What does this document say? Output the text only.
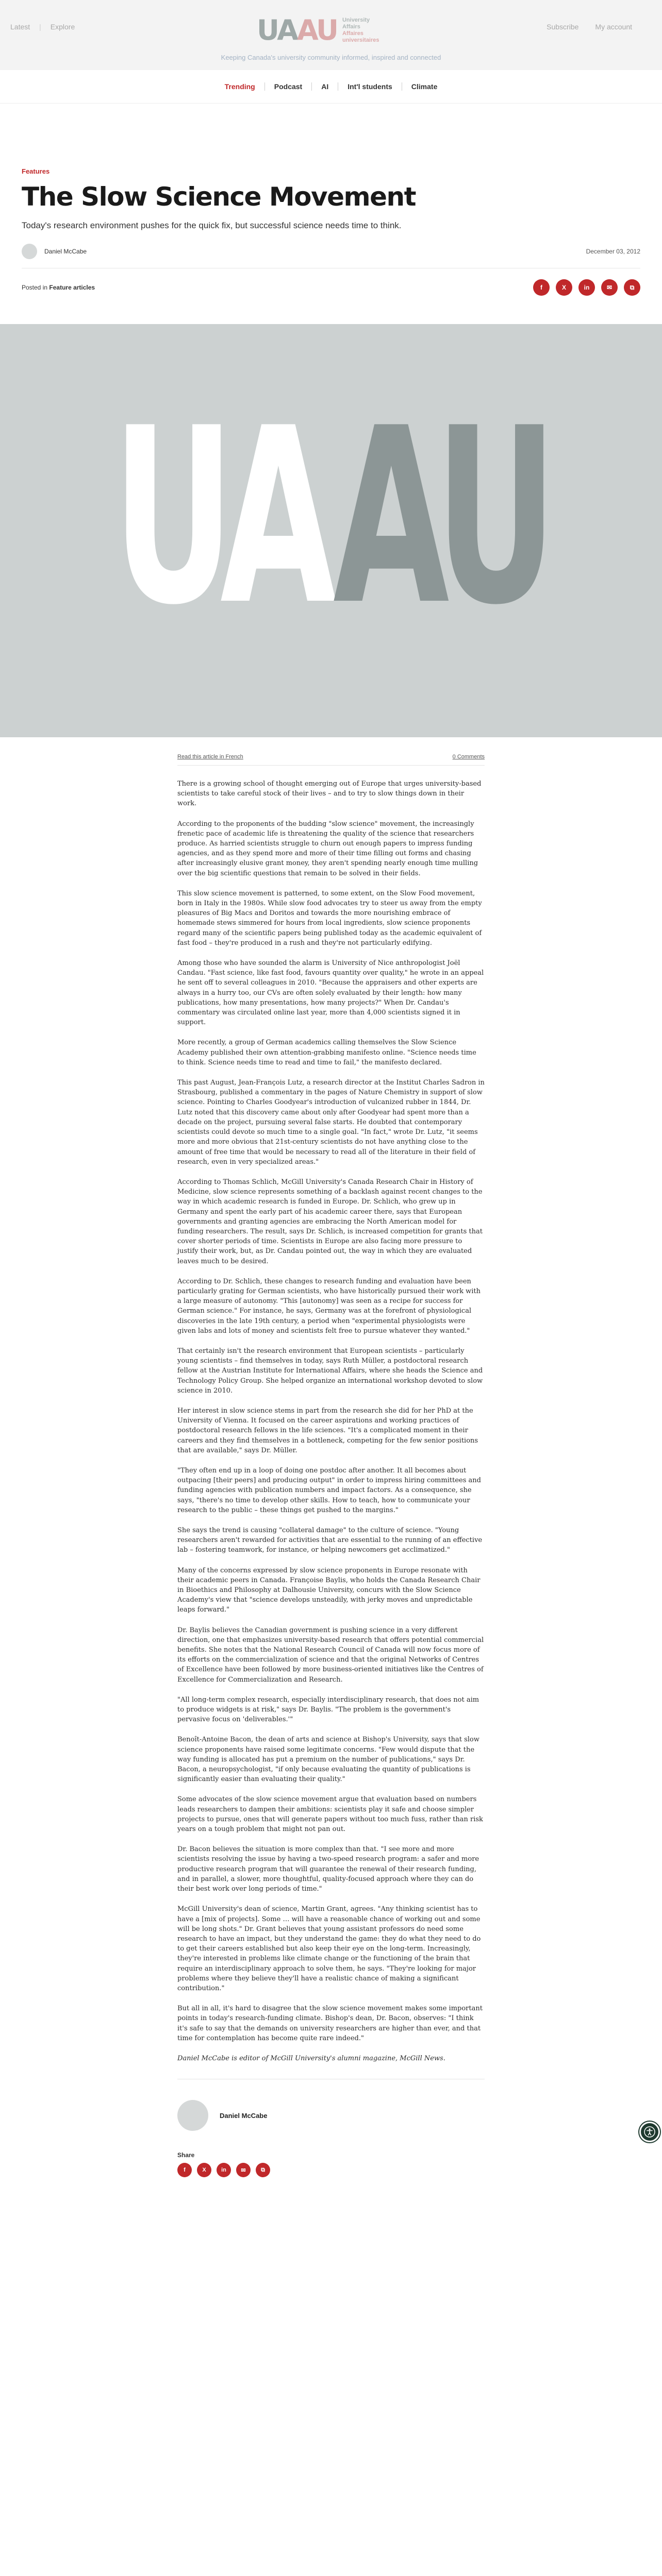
Latest | Explore	UA AU University
Affairs
Affaires
universitaires
Subscribe My account
Keeping Canada's university community informed, inspired and connected
Trending	Podcast	AI	Int'l students	Climate
Features
The Slow Science Movement

Today's research environment pushes for the quick fix, but successful science needs time to think.

Daniel McCabe	December 03, 2012
Posted in Feature articles	f	X	in	✉	⧉
UA AU
Read this article in French	0 Comments

There is a growing school of thought emerging out of Europe that urges university-based scientists to take careful stock of their lives – and to try to slow things down in their work.

According to the proponents of the budding "slow science" movement, the increasingly frenetic pace of academic life is threatening the quality of the science that researchers produce. As harried scientists struggle to churn out enough papers to impress funding agencies, and as they spend more and more of their time filling out forms and chasing after increasingly elusive grant money, they aren't spending nearly enough time mulling over the big scientific questions that remain to be solved in their fields.

This slow science movement is patterned, to some extent, on the Slow Food movement, born in Italy in the 1980s. While slow food advocates try to steer us away from the empty pleasures of Big Macs and Doritos and towards the more nourishing embrace of homemade stews simmered for hours from local ingredients, slow science proponents regard many of the scientific papers being published today as the academic equivalent of fast food – they're produced in a rush and they're not particularly edifying.

Among those who have sounded the alarm is University of Nice anthropologist Joël Candau. "Fast science, like fast food, favours quantity over quality," he wrote in an appeal he sent off to several colleagues in 2010. "Because the appraisers and other experts are always in a hurry too, our CVs are often solely evaluated by their length: how many publications, how many presentations, how many projects?" When Dr. Candau's commentary was circulated online last year, more than 4,000 scientists signed it in support.

More recently, a group of German academics calling themselves the Slow Science Academy published their own attention-grabbing manifesto online. "Science needs time to think. Science needs time to read and time to fail," the manifesto declared.

This past August, Jean-François Lutz, a research director at the Institut Charles Sadron in Strasbourg, published a commentary in the pages of Nature Chemistry in support of slow science. Pointing to Charles Goodyear's introduction of vulcanized rubber in 1844, Dr. Lutz noted that this discovery came about only after Goodyear had spent more than a decade on the project, pursuing several false starts. He doubted that contemporary scientists could devote so much time to a single goal. "In fact," wrote Dr. Lutz, "it seems more and more obvious that 21st-century scientists do not have anything close to the amount of free time that would be necessary to read all of the literature in their field of research, even in very specialized areas."

According to Thomas Schlich, McGill University's Canada Research Chair in History of Medicine, slow science represents something of a backlash against recent changes to the way in which academic research is funded in Europe. Dr. Schlich, who grew up in Germany and spent the early part of his academic career there, says that European governments and granting agencies are embracing the North American model for funding researchers. The result, says Dr. Schlich, is increased competition for grants that cover shorter periods of time. Scientists in Europe are also facing more pressure to justify their work, but, as Dr. Candau pointed out, the way in which they are evaluated leaves much to be desired.

According to Dr. Schlich, these changes to research funding and evaluation have been particularly grating for German scientists, who have historically pursued their work with a large measure of autonomy. "This [autonomy] was seen as a recipe for success for German science." For instance, he says, Germany was at the forefront of physiological discoveries in the late 19th century, a period when "experimental physiologists were given labs and lots of money and scientists felt free to pursue whatever they wanted."

That certainly isn't the research environment that European scientists – particularly young scientists – find themselves in today, says Ruth Müller, a postdoctoral research fellow at the Austrian Institute for International Affairs, where she heads the Science and Technology Policy Group. She helped organize an international workshop devoted to slow science in 2010.

Her interest in slow science stems in part from the research she did for her PhD at the University of Vienna. It focused on the career aspirations and working practices of postdoctoral research fellows in the life sciences. "It's a complicated moment in their careers and they find themselves in a bottleneck, competing for the few senior positions that are available," says Dr. Müller.

"They often end up in a loop of doing one postdoc after another. It all becomes about outpacing [their peers] and producing output" in order to impress hiring committees and funding agencies with publication numbers and impact factors. As a consequence, she says, "there's no time to develop other skills. How to teach, how to communicate your research to the public – these things get pushed to the margins."

She says the trend is causing "collateral damage" to the culture of science. "Young researchers aren't rewarded for activities that are essential to the running of an effective lab – fostering teamwork, for instance, or helping newcomers get acclimatized."

Many of the concerns expressed by slow science proponents in Europe resonate with their academic peers in Canada. Françoise Baylis, who holds the Canada Research Chair in Bioethics and Philosophy at Dalhousie University, concurs with the Slow Science Academy's view that "science develops unsteadily, with jerky moves and unpredictable leaps forward."

Dr. Baylis believes the Canadian government is pushing science in a very different direction, one that emphasizes university-based research that offers potential commercial benefits. She notes that the National Research Council of Canada will now focus more of its efforts on the commercialization of science and that the original Networks of Centres of Excellence have been followed by more business-oriented initiatives like the Centres of Excellence for Commercialization and Research.

"All long-term complex research, especially interdisciplinary research, that does not aim to produce widgets is at risk," says Dr. Baylis. "The problem is the government's pervasive focus on 'deliverables.'"

Benoît-Antoine Bacon, the dean of arts and science at Bishop's University, says that slow science proponents have raised some legitimate concerns. "Few would dispute that the way funding is allocated has put a premium on the number of publications," says Dr. Bacon, a neuropsychologist, "if only because evaluating the quantity of publications is significantly easier than evaluating their quality."

Some advocates of the slow science movement argue that evaluation based on numbers leads researchers to dampen their ambitions: scientists play it safe and choose simpler projects to pursue, ones that will generate papers without too much fuss, rather than risk years on a tough problem that might not pan out.

Dr. Bacon believes the situation is more complex than that. "I see more and more scientists resolving the issue by having a two-speed research program: a safer and more productive research program that will guarantee the renewal of their research funding, and in parallel, a slower, more thoughtful, quality-focused approach where they can do their best work over long periods of time."

McGill University's dean of science, Martin Grant, agrees. "Any thinking scientist has to have a [mix of projects]. Some … will have a reasonable chance of working out and some will be long shots." Dr. Grant believes that young assistant professors do need some research to have an impact, but they understand the game: they do what they need to do to get their careers established but also keep their eye on the long-term. Increasingly, they're interested in problems like climate change or the functioning of the brain that require an interdisciplinary approach to solve them, he says. "They're looking for major problems where they believe they'll have a realistic chance of making a significant contribution."

But all in all, it's hard to disagree that the slow science movement makes some important points in today's research-funding climate. Bishop's dean, Dr. Bacon, observes: "I think it's safe to say that the demands on university researchers are higher than ever, and that time for contemplation has become quite rare indeed."

Daniel McCabe is editor of McGill University's alumni magazine, McGill News.

Daniel McCabe
Share
f	X	in	✉	⧉
